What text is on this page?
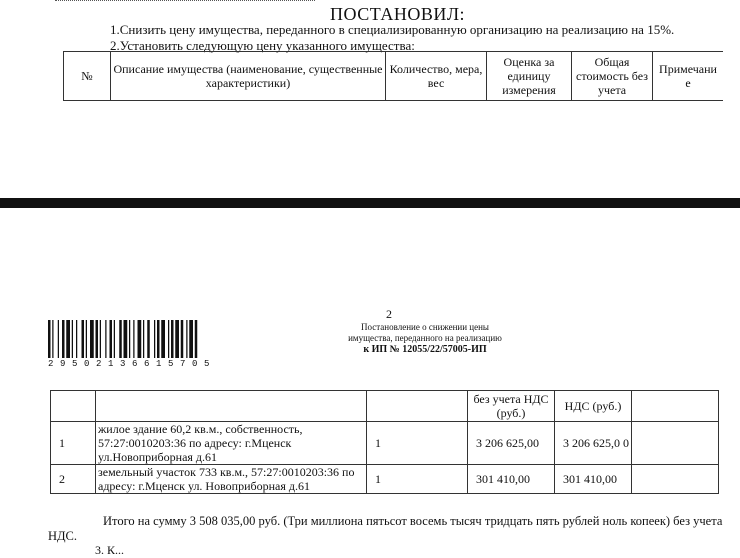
ПОСТАНОВИЛ:
1.Снизить цену имущества, переданного в специализированную организацию на реализацию на 15%.
2.Установить следующую цену указанного имущества:
№	Описание имущества (наименование, существенные характеристики)	Количество, мера, вес	Оценка за единицу измерения	Общая стоимость без учета	Примечани е
2
Постановление о снижении цены
имущества, переданного на реализацию
к ИП № 12055/22/57005-ИП
29502136615705
			без учета НДС (руб.)	НДС (руб.)	
1	жилое здание 60,2 кв.м., собственность, 57:27:0010203:36 по адресу: г.Мценск ул.Новоприборная д.61	1	3 206 625,00	3 206 625,0 0	
2	земельный участок 733 кв.м., 57:27:0010203:36 по адресу: г.Мценск ул. Новоприборная д.61	1	301 410,00	301 410,00	
Итого на сумму 3 508 035,00 руб. (Три миллиона пятьсот восемь тысяч тридцать пять рублей ноль копеек) без учета НДС.
3. К...
